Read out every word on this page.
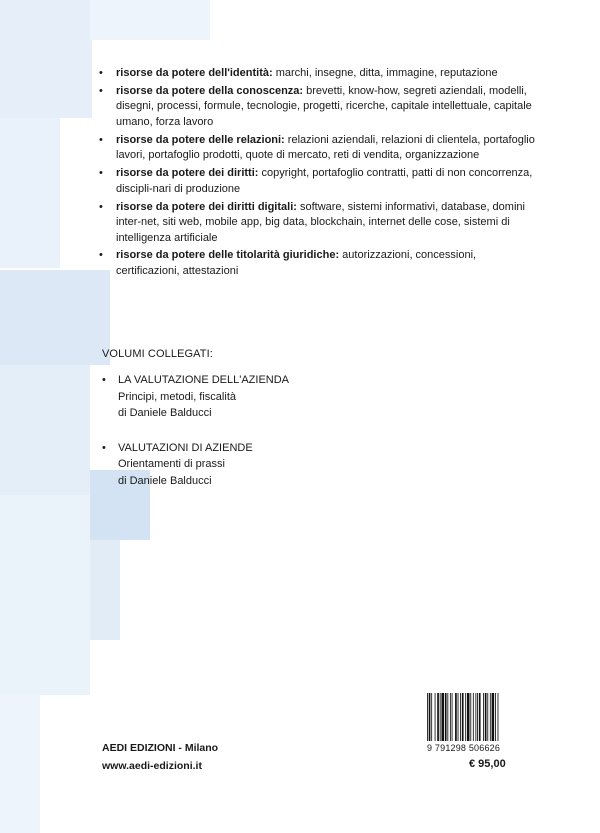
• risorse da potere dell'identità: marchi, insegne, ditta, immagine, reputazione
• risorse da potere della conoscenza: brevetti, know-how, segreti aziendali, modelli, disegni, processi, formule, tecnologie, progetti, ricerche, capitale intellettuale, capitale umano, forza lavoro
• risorse da potere delle relazioni: relazioni aziendali, relazioni di clientela, portafoglio lavori, portafoglio prodotti, quote di mercato, reti di vendita, organizzazione
• risorse da potere dei diritti: copyright, portafoglio contratti, patti di non concorrenza, discipli-nari di produzione
• risorse da potere dei diritti digitali: software, sistemi informativi, database, domini inter-net, siti web, mobile app, big data, blockchain, internet delle cose, sistemi di intelligenza artificiale
• risorse da potere delle titolarità giuridiche: autorizzazioni, concessioni, certificazioni, attestazioni
VOLUMI COLLEGATI:
• LA VALUTAZIONE DELL'AZIENDA
Principi, metodi, fiscalità
di Daniele Balducci
• VALUTAZIONI DI AZIENDE
Orientamenti di prassi
di Daniele Balducci
AEDI EDIZIONI - Milano
www.aedi-edizioni.it
9 791298 506626
€ 95,00
